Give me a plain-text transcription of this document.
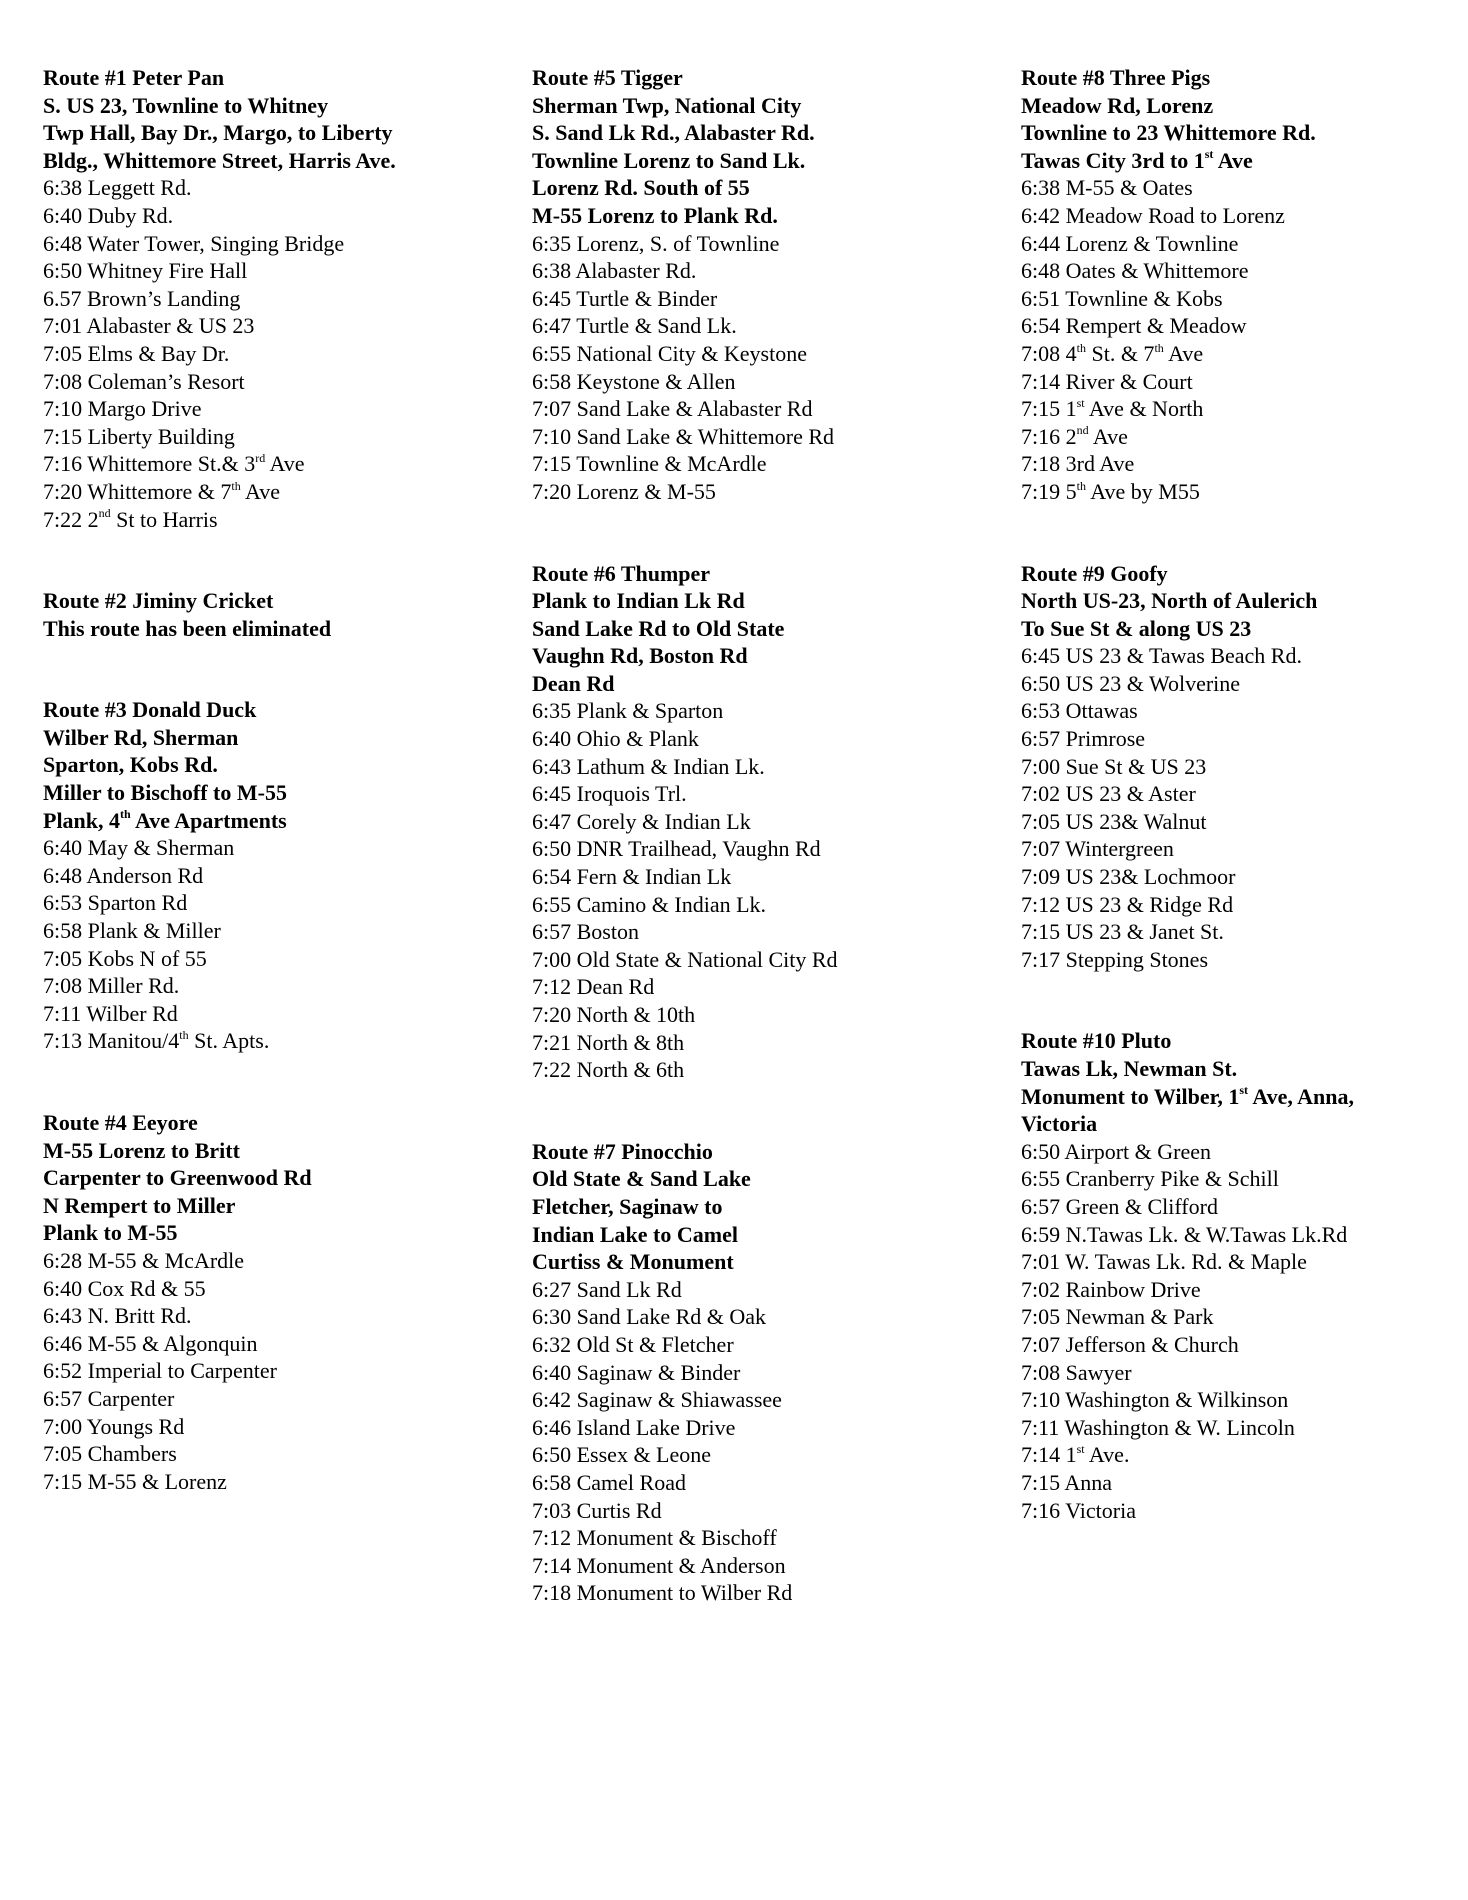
Route #1 Peter Pan
S. US 23, Townline to Whitney
Twp Hall, Bay Dr., Margo, to Liberty
Bldg., Whittemore Street, Harris Ave.
6:38 Leggett Rd.
6:40 Duby Rd.
6:48 Water Tower, Singing Bridge
6:50 Whitney Fire Hall
6.57 Brown’s Landing
7:01 Alabaster & US 23
7:05 Elms & Bay Dr.
7:08 Coleman’s Resort
7:10 Margo Drive
7:15 Liberty Building
7:16 Whittemore St.& 3rd Ave
7:20 Whittemore & 7th Ave
7:22 2nd St to Harris
Route #2 Jiminy Cricket
This route has been eliminated
Route #3 Donald Duck
Wilber Rd, Sherman
Sparton, Kobs Rd.
Miller to Bischoff to M-55
Plank, 4th Ave Apartments
6:40 May & Sherman
6:48 Anderson Rd
6:53 Sparton Rd
6:58 Plank & Miller
7:05 Kobs N of 55
7:08 Miller Rd.
7:11 Wilber Rd
7:13 Manitou/4th St. Apts.
Route #4 Eeyore
M-55 Lorenz to Britt
Carpenter to Greenwood Rd
N Rempert to Miller
Plank to M-55
6:28 M-55 & McArdle
6:40 Cox Rd & 55
6:43 N. Britt Rd.
6:46 M-55 & Algonquin
6:52 Imperial to Carpenter
6:57 Carpenter
7:00 Youngs Rd
7:05 Chambers
7:15 M-55 & Lorenz
Route #5 Tigger
Sherman Twp, National City
S. Sand Lk Rd., Alabaster Rd.
Townline Lorenz to Sand Lk.
Lorenz Rd. South of 55
M-55 Lorenz to Plank Rd.
6:35 Lorenz, S. of Townline
6:38 Alabaster Rd.
6:45 Turtle & Binder
6:47 Turtle & Sand Lk.
6:55 National City & Keystone
6:58 Keystone & Allen
7:07 Sand Lake & Alabaster Rd
7:10 Sand Lake & Whittemore Rd
7:15 Townline & McArdle
7:20 Lorenz & M-55
Route #6 Thumper
Plank to Indian Lk Rd
Sand Lake Rd to Old State
Vaughn Rd, Boston Rd
Dean Rd
6:35 Plank & Sparton
6:40 Ohio & Plank
6:43 Lathum & Indian Lk.
6:45 Iroquois Trl.
6:47 Corely & Indian Lk
6:50 DNR Trailhead, Vaughn Rd
6:54 Fern & Indian Lk
6:55 Camino & Indian Lk.
6:57 Boston
7:00 Old State & National City Rd
7:12 Dean Rd
7:20 North & 10th
7:21 North & 8th
7:22 North & 6th
Route #7 Pinocchio
Old State & Sand Lake
Fletcher, Saginaw to
Indian Lake to Camel
Curtiss & Monument
6:27 Sand Lk Rd
6:30 Sand Lake Rd & Oak
6:32 Old St & Fletcher
6:40 Saginaw & Binder
6:42 Saginaw & Shiawassee
6:46 Island Lake Drive
6:50 Essex & Leone
6:58 Camel Road
7:03 Curtis Rd
7:12 Monument & Bischoff
7:14 Monument & Anderson
7:18 Monument to Wilber Rd
Route #8 Three Pigs
Meadow Rd, Lorenz
Townline to 23 Whittemore Rd.
Tawas City 3rd to 1st Ave
6:38 M-55 & Oates
6:42 Meadow Road to Lorenz
6:44 Lorenz & Townline
6:48 Oates & Whittemore
6:51 Townline & Kobs
6:54 Rempert & Meadow
7:08 4th St. & 7th Ave
7:14 River & Court
7:15 1st Ave & North
7:16 2nd Ave
7:18 3rd Ave
7:19 5th Ave by M55
Route #9 Goofy
North US-23, North of Aulerich
To Sue St & along US 23
6:45 US 23 & Tawas Beach Rd.
6:50 US 23 & Wolverine
6:53 Ottawas
6:57 Primrose
7:00 Sue St & US 23
7:02 US 23 & Aster
7:05 US 23& Walnut
7:07 Wintergreen
7:09 US 23& Lochmoor
7:12 US 23 & Ridge Rd
7:15 US 23 & Janet St.
7:17 Stepping Stones
Route #10 Pluto
Tawas Lk, Newman St.
Monument to Wilber, 1st Ave, Anna,
Victoria
6:50 Airport & Green
6:55 Cranberry Pike & Schill
6:57 Green & Clifford
6:59 N.Tawas Lk. & W.Tawas Lk.Rd
7:01 W. Tawas Lk. Rd. & Maple
7:02 Rainbow Drive
7:05 Newman & Park
7:07 Jefferson & Church
7:08 Sawyer
7:10 Washington & Wilkinson
7:11 Washington & W. Lincoln
7:14 1st Ave.
7:15 Anna
7:16 Victoria
